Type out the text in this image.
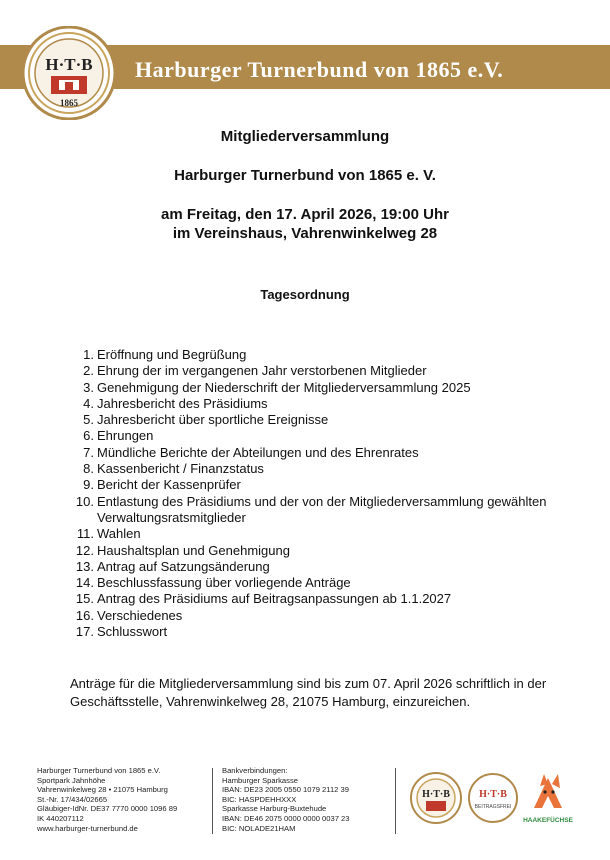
Harburger Turnerbund von 1865 e.V.
H·T·B
1865
Mitgliederversammlung
Harburger Turnerbund von 1865 e. V.
am Freitag, den 17. April 2026, 19:00 Uhr
im Vereinshaus, Vahrenwinkelweg 28
Tagesordnung
1. Eröffnung und Begrüßung
2. Ehrung der im vergangenen Jahr verstorbenen Mitglieder
3. Genehmigung der Niederschrift der Mitgliederversammlung 2025
4. Jahresbericht des Präsidiums
5. Jahresbericht über sportliche Ereignisse
6. Ehrungen
7. Mündliche Berichte der Abteilungen und des Ehrenrates
8. Kassenbericht / Finanzstatus
9. Bericht der Kassenprüfer
10. Entlastung des Präsidiums und der von der Mitgliederversammlung gewählten Verwaltungsratsmitglieder
11. Wahlen
12. Haushaltsplan und Genehmigung
13. Antrag auf Satzungsänderung
14. Beschlussfassung über vorliegende Anträge
15. Antrag des Präsidiums auf Beitragsanpassungen ab 1.1.2027
16. Verschiedenes
17. Schlusswort
Anträge für die Mitgliederversammlung sind bis zum 07. April 2026 schriftlich in der Geschäftsstelle, Vahrenwinkelweg 28, 21075 Hamburg, einzureichen.
Harburger Turnerbund von 1865 e.V.
Sportpark Jahnhöhe
Vahrenwinkelweg 28 • 21075 Hamburg
St.-Nr. 17/434/02665
Gläubiger-IdNr. DE37 7770 0000 1096 89
IK 440207112
www.harburger-turnerbund.de
Bankverbindungen:
Hamburger Sparkasse
IBAN: DE23 2005 0550 1079 2112 39
BIC: HASPDEHHXXX
Sparkasse Harburg-Buxtehude
IBAN: DE46 2075 0000 0000 0037 23
BIC: NOLADE21HAM
H·T·B	H·T·B
BEITRAGSFREI
HAAKEFÜCHSE
